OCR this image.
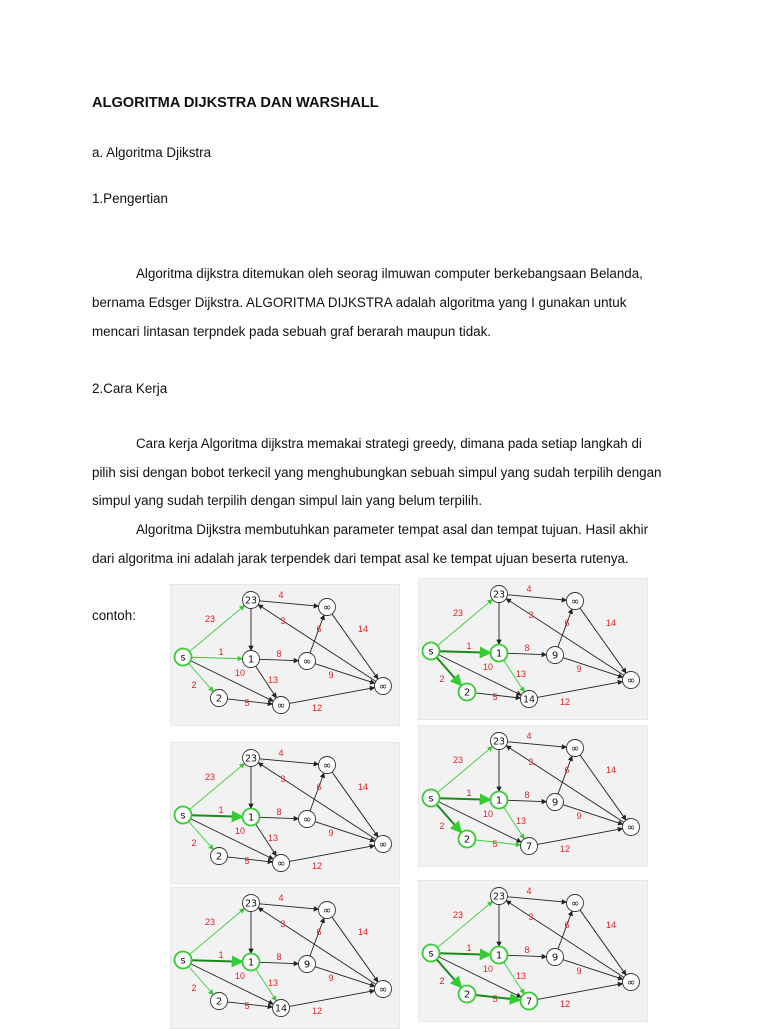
ALGORITMA DIJKSTRA DAN WARSHALL
a. Algoritma Djikstra
1.Pengertian
Algoritma dijkstra ditemukan oleh seorag ilmuwan computer berkebangsaan Belanda,
bernama Edsger Dijkstra. ALGORITMA DIJKSTRA adalah algoritma yang I gunakan untuk
mencari lintasan terpndek pada sebuah graf berarah maupun tidak.
2.Cara Kerja
Cara kerja Algoritma dijkstra memakai strategi greedy, dimana pada setiap langkah di
pilih sisi dengan bobot terkecil yang menghubungkan sebuah simpul yang sudah terpilih dengan
simpul yang sudah terpilih dengan simpul lain yang belum terpilih.
Algoritma Dijkstra membutuhkan parameter tempat asal dan tempat tujuan. Hasil akhir
dari algoritma ini adalah jarak terpendek dari tempat asal ke tempat ujuan beserta rutenya.
contoh:	23
1
2
10
4
8
13
5
6
9
3
14
12
s
23
1
2
∞
∞
∞
∞
23
1
2
10
4
8
13
5
6
9
3
14
12
s
23
1
2
9
∞
14
∞
23
1
2
10
4
8
13
5
6
9
3
14
12
s
23
1
2
∞
∞
∞
∞
23
1
2
10
4
8
13
5
6
9
3
14
12
s
23
1
2
9
∞
7
∞
23
1
2
10
4
8
13
5
6
9
3
14
12
s
23
1
2
9
∞
14
∞
23
1
2
10
4
8
13
5
6
9
3
14
12
s
23
1
2
9
∞
7
∞
